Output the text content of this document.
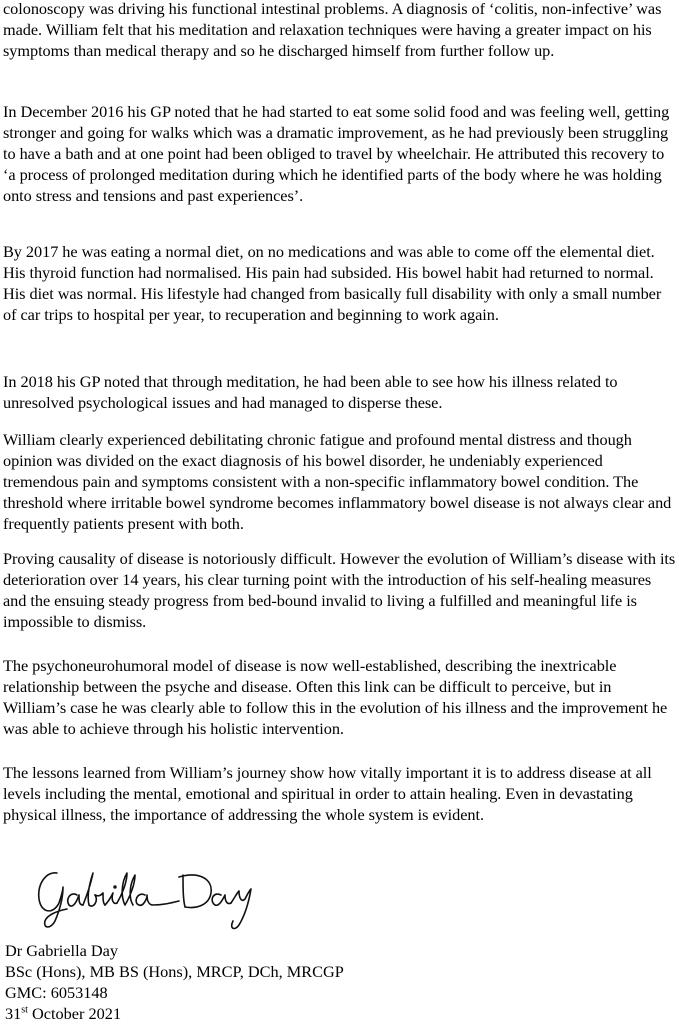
colonoscopy was driving his functional intestinal problems. A diagnosis of ‘colitis, non-infective’ was made. William felt that his meditation and relaxation techniques were having a greater impact on his symptoms than medical therapy and so he discharged himself from further follow up.

In December 2016 his GP noted that he had started to eat some solid food and was feeling well, getting stronger and going for walks which was a dramatic improvement, as he had previously been struggling to have a bath and at one point had been obliged to travel by wheelchair. He attributed this recovery to ‘a process of prolonged meditation during which he identified parts of the body where he was holding onto stress and tensions and past experiences’.

By 2017 he was eating a normal diet, on no medications and was able to come off the elemental diet. His thyroid function had normalised. His pain had subsided. His bowel habit had returned to normal. His diet was normal. His lifestyle had changed from basically full disability with only a small number of car trips to hospital per year, to recuperation and beginning to work again.

In 2018 his GP noted that through meditation, he had been able to see how his illness related to unresolved psychological issues and had managed to disperse these.

William clearly experienced debilitating chronic fatigue and profound mental distress and though opinion was divided on the exact diagnosis of his bowel disorder, he undeniably experienced tremendous pain and symptoms consistent with a non-specific inflammatory bowel condition. The threshold where irritable bowel syndrome becomes inflammatory bowel disease is not always clear and frequently patients present with both.

Proving causality of disease is notoriously difficult. However the evolution of William’s disease with its deterioration over 14 years, his clear turning point with the introduction of his self-healing measures and the ensuing steady progress from bed-bound invalid to living a fulfilled and meaningful life is impossible to dismiss.

The psychoneurohumoral model of disease is now well-established, describing the inextricable relationship between the psyche and disease. Often this link can be difficult to perceive, but in William’s case he was clearly able to follow this in the evolution of his illness and the improvement he was able to achieve through his holistic intervention.

The lessons learned from William’s journey show how vitally important it is to address disease at all levels including the mental, emotional and spiritual in order to attain healing. Even in devastating physical illness, the importance of addressing the whole system is evident.

Dr Gabriella Day
BSc (Hons), MB BS (Hons), MRCP, DCh, MRCGP
GMC: 6053148
31st October 2021
